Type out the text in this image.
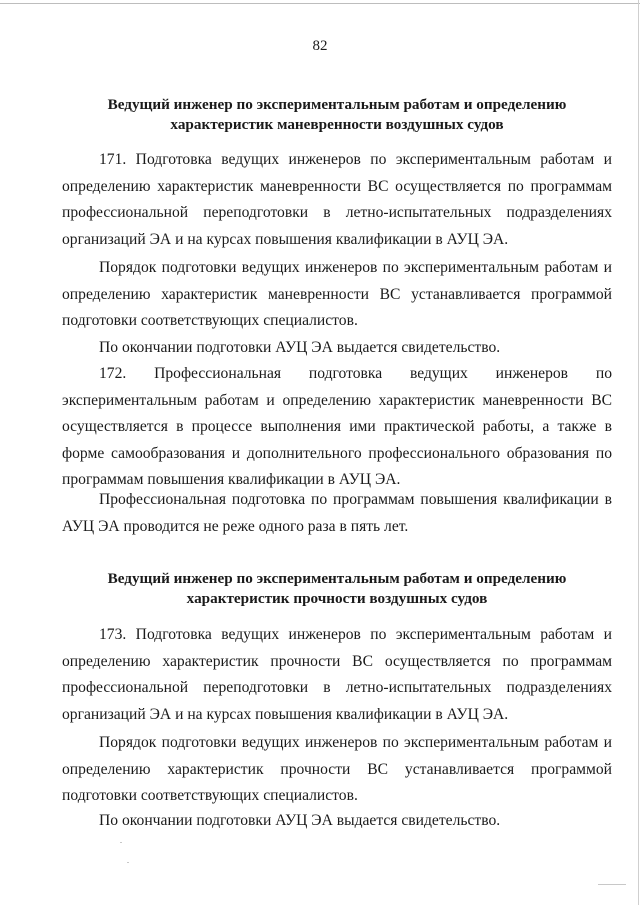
82
Ведущий инженер по экспериментальным работам и определению
характеристик маневренности воздушных судов

171. Подготовка ведущих инженеров по экспериментальным работам и определению характеристик маневренности ВС осуществляется по программам профессиональной переподготовки в летно-испытательных подразделениях организаций ЭА и на курсах повышения квалификации в АУЦ ЭА.

Порядок подготовки ведущих инженеров по экспериментальным работам и определению характеристик маневренности ВС устанавливается программой подготовки соответствующих специалистов.

По окончании подготовки АУЦ ЭА выдается свидетельство.

172. Профессиональная подготовка ведущих инженеров по экспериментальным работам и определению характеристик маневренности ВС осуществляется в процессе выполнения ими практической работы, а также в форме самообразования и дополнительного профессионального образования по программам повышения квалификации в АУЦ ЭА.

Профессиональная подготовка по программам повышения квалификации в АУЦ ЭА проводится не реже одного раза в пять лет.

Ведущий инженер по экспериментальным работам и определению
характеристик прочности воздушных судов

173. Подготовка ведущих инженеров по экспериментальным работам и определению характеристик прочности ВС осуществляется по программам профессиональной переподготовки в летно-испытательных подразделениях организаций ЭА и на курсах повышения квалификации в АУЦ ЭА.

Порядок подготовки ведущих инженеров по экспериментальным работам и определению характеристик прочности ВС устанавливается программой подготовки соответствующих специалистов.

По окончании подготовки АУЦ ЭА выдается свидетельство.
